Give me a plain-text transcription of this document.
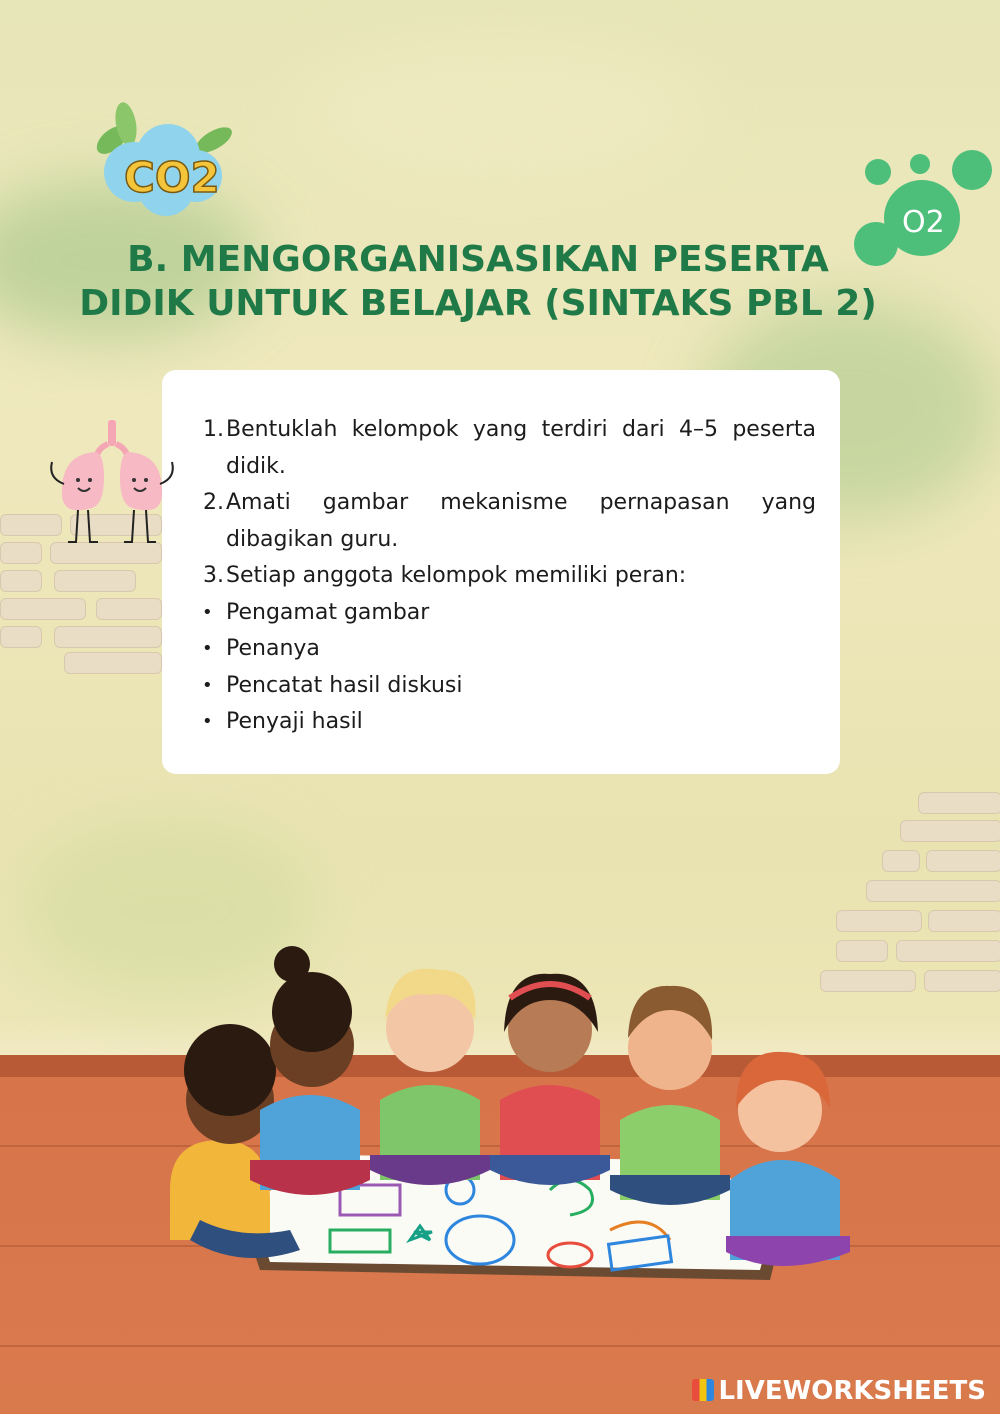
CO2
O2
B. MENGORGANISASIKAN PESERTA
DIDIK UNTUK BELAJAR (SINTAKS PBL 2)
1. Bentuklah kelompok yang terdiri dari 4–5 peserta didik.
2. Amati gambar mekanisme pernapasan yang dibagikan guru.
3. Setiap anggota kelompok memiliki peran:
• Pengamat gambar
• Penanya
• Pencatat hasil diskusi
• Penyaji hasil
LIVEWORKSHEETS
